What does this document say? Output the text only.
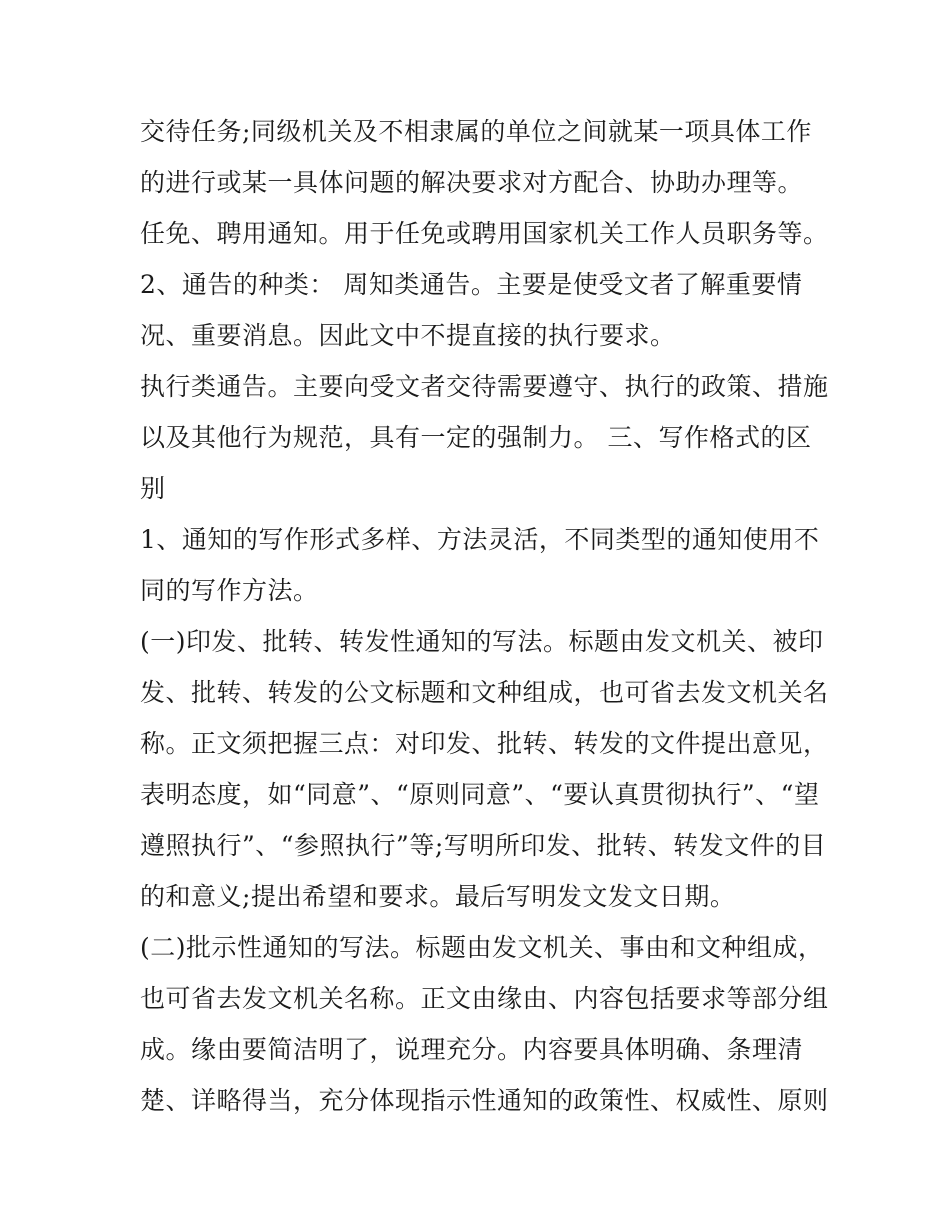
交待任务;同级机关及不相隶属的单位之间就某一项具体工作
的进行或某一具体问题的解决要求对方配合、协助办理等。
任免、聘用通知。用于任免或聘用国家机关工作人员职务等。
2、通告的种类： 周知类通告。主要是使受文者了解重要情
况、重要消息。因此文中不提直接的执行要求。
执行类通告。主要向受文者交待需要遵守、执行的政策、措施
以及其他行为规范，具有一定的强制力。 三、写作格式的区
别
1、通知的写作形式多样、方法灵活，不同类型的通知使用不
同的写作方法。
(一)印发、批转、转发性通知的写法。标题由发文机关、被印
发、批转、转发的公文标题和文种组成，也可省去发文机关名
称。正文须把握三点：对印发、批转、转发的文件提出意见，
表明态度，如“同意”、“原则同意”、“要认真贯彻执行”、“望
遵照执行”、“参照执行”等;写明所印发、批转、转发文件的目
的和意义;提出希望和要求。最后写明发文发文日期。
(二)批示性通知的写法。标题由发文机关、事由和文种组成，
也可省去发文机关名称。正文由缘由、内容包括要求等部分组
成。缘由要简洁明了，说理充分。内容要具体明确、条理清
楚、详略得当，充分体现指示性通知的政策性、权威性、原则
